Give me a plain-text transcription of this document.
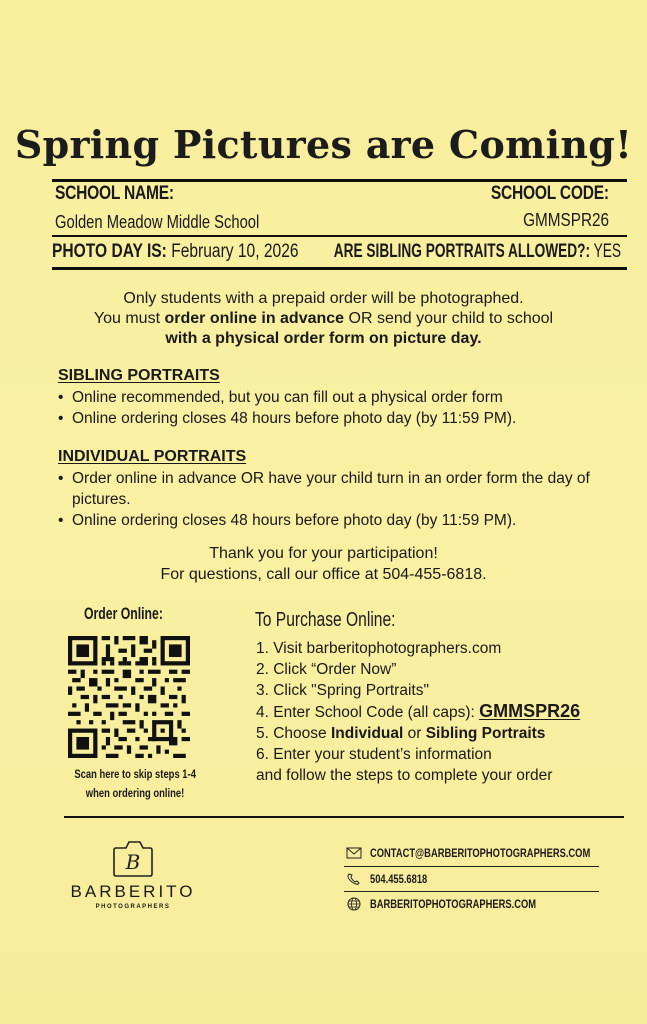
Spring Pictures are Coming!
SCHOOL NAME:	SCHOOL CODE:
Golden Meadow Middle School	GMMSPR26
PHOTO DAY IS: February 10, 2026	ARE SIBLING PORTRAITS ALLOWED?: YES
Only students with a prepaid order will be photographed.
You must order online in advance OR send your child to school
with a physical order form on picture day.
SIBLING PORTRAITS
• Online recommended, but you can fill out a physical order form
• Online ordering closes 48 hours before photo day (by 11:59 PM).
INDIVIDUAL PORTRAITS
• Order online in advance OR have your child turn in an order form the day of pictures.
• Online ordering closes 48 hours before photo day (by 11:59 PM).
Thank you for your participation!
For questions, call our office at 504-455-6818.
Order Online:
Scan here to skip steps 1-4
when ordering online!
To Purchase Online:
1. Visit barberitophotographers.com
2. Click “Order Now”
3. Click "Spring Portraits"
4. Enter School Code (all caps): GMMSPR26
5. Choose Individual or Sibling Portraits
6. Enter your student’s information
and follow the steps to complete your order
B
BARBERITO
PHOTOGRAPHERS
CONTACT@BARBERITOPHOTOGRAPHERS.COM
504.455.6818
BARBERITOPHOTOGRAPHERS.COM
